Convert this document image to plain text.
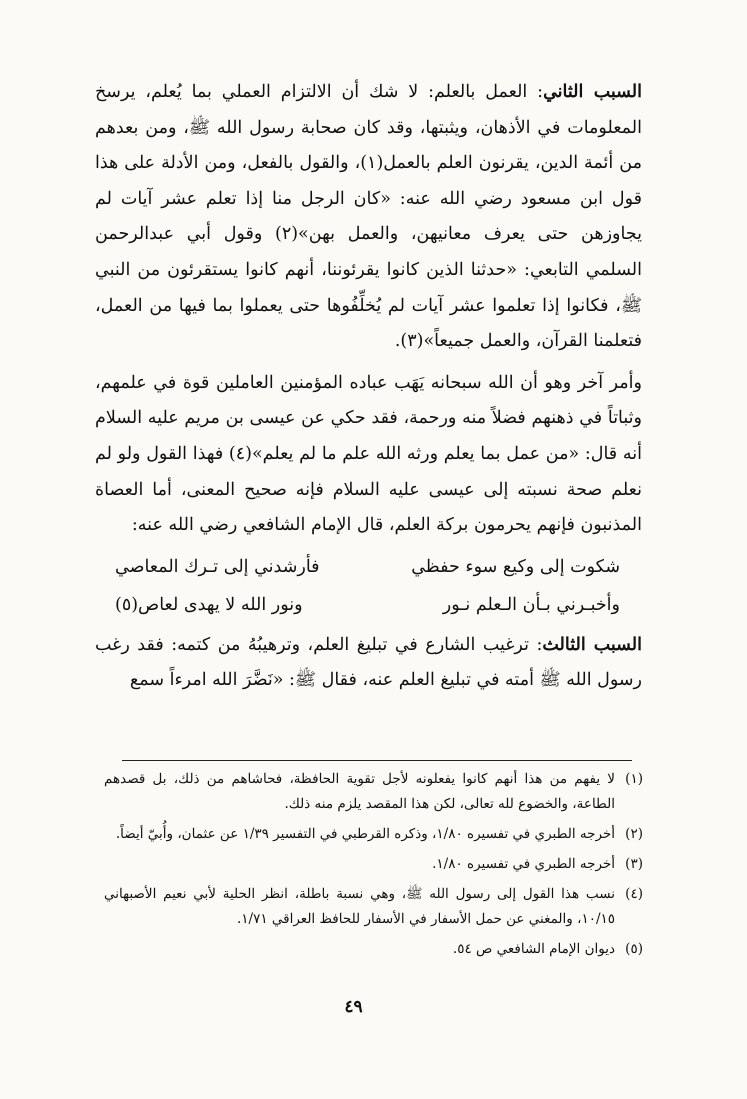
السبب الثاني: العمل بالعلم: لا شك أن الالتزام العملي بما يُعلم، يرسخ المعلومات في الأذهان، ويثبتها، وقد كان صحابة رسول الله ﷺ، ومن بعدهم من أئمة الدين، يقرنون العلم بالعمل(١)، والقول بالفعل، ومن الأدلة على هذا قول ابن مسعود رضي الله عنه: «كان الرجل منا إذا تعلم عشر آيات لم يجاوزهن حتى يعرف معانيهن، والعمل بهن»(٢) وقول أبي عبدالرحمن السلمي التابعي: «حدثنا الذين كانوا يقرئوننا، أنهم كانوا يستقرئون من النبي ﷺ، فكانوا إذا تعلموا عشر آيات لم يُخلِّفُوها حتى يعملوا بما فيها من العمل، فتعلمنا القرآن، والعمل جميعاً»(٣).

وأمر آخر وهو أن الله سبحانه يَهَب عباده المؤمنين العاملين قوة في علمهم، وثباتاً في ذهنهم فضلاً منه ورحمة، فقد حكي عن عيسى بن مريم عليه السلام أنه قال: «من عمل بما يعلم ورثه الله علم ما لم يعلم»(٤) فهذا القول ولو لم نعلم صحة نسبته إلى عيسى عليه السلام فإنه صحيح المعنى، أما العصاة المذنبون فإنهم يحرمون بركة العلم، قال الإمام الشافعي رضي الله عنه:

شكوت إلى وكيع سوء حفظي
فأرشدني إلى تـرك المعاصي
وأخبـرني بـأن الـعلم نـور
ونور الله لا يهدى لعاص(٥)

السبب الثالث: ترغيب الشارع في تبليغ العلم، وترهيبُهُ من كتمه: فقد رغب رسول الله ﷺ أمته في تبليغ العلم عنه، فقال ﷺ: «نَضَّرَ الله امرءاً سمع

(١)
لا يفهم من هذا أنهم كانوا يفعلونه لأجل تقوية الحافظة، فحاشاهم من ذلك، بل قصدهم الطاعة، والخضوع لله تعالى، لكن هذا المقصد يلزم منه ذلك.
(٢)
أخرجه الطبري في تفسيره ١/٨٠، وذكره القرطبي في التفسير ١/٣٩ عن عثمان، وأُبيّ أيضاً.
(٣)
أخرجه الطبري في تفسيره ١/٨٠.
(٤)
نسب هذا القول إلى رسول الله ﷺ، وهي نسبة باطلة، انظر الحلية لأبي نعيم الأصبهاني ١٠/١٥، والمغني عن حمل الأسفار في الأسفار للحافظ العراقي ١/٧١.
(٥)
ديوان الإمام الشافعي ص ٥٤.
٤٩
